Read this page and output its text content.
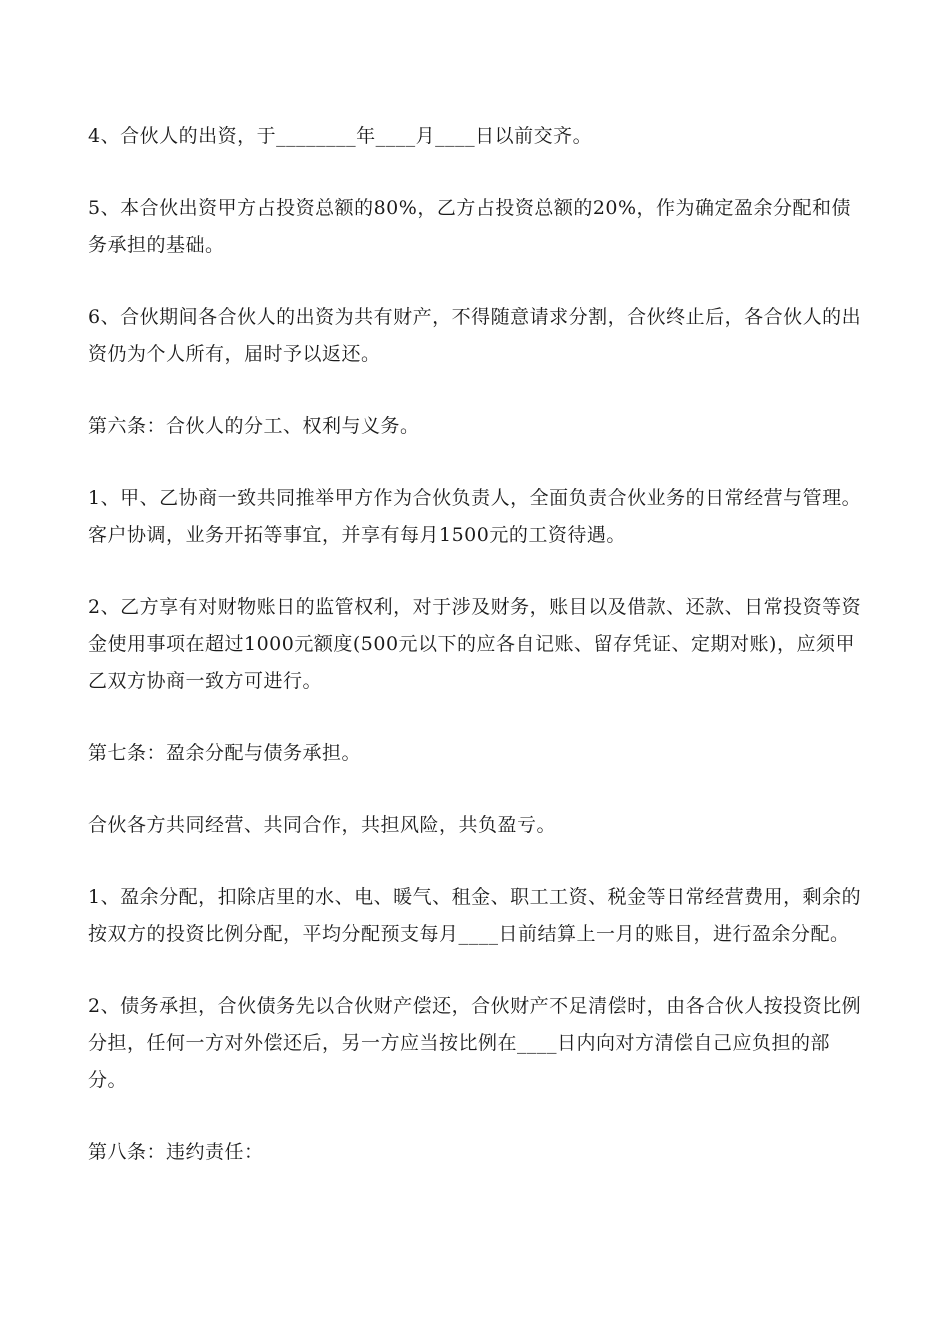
4、合伙人的出资，于________年____月____日以前交齐。

5、本合伙出资甲方占投资总额的80%，乙方占投资总额的20%，作为确定盈余分配和债务承担的基础。

6、合伙期间各合伙人的出资为共有财产，不得随意请求分割，合伙终止后，各合伙人的出资仍为个人所有，届时予以返还。

第六条：合伙人的分工、权利与义务。

1、甲、乙协商一致共同推举甲方作为合伙负责人，全面负责合伙业务的日常经营与管理。客户协调，业务开拓等事宜，并享有每月1500元的工资待遇。

2、乙方享有对财物账日的监管权利，对于涉及财务，账目以及借款、还款、日常投资等资金使用事项在超过1000元额度(500元以下的应各自记账、留存凭证、定期对账)，应须甲乙双方协商一致方可进行。

第七条：盈余分配与债务承担。

合伙各方共同经营、共同合作，共担风险，共负盈亏。

1、盈余分配，扣除店里的水、电、暖气、租金、职工工资、税金等日常经营费用，剩余的按双方的投资比例分配，平均分配预支每月____日前结算上一月的账目，进行盈余分配。

2、债务承担，合伙债务先以合伙财产偿还，合伙财产不足清偿时，由各合伙人按投资比例分担，任何一方对外偿还后，另一方应当按比例在____日内向对方清偿自己应负担的部分。

第八条：违约责任：
